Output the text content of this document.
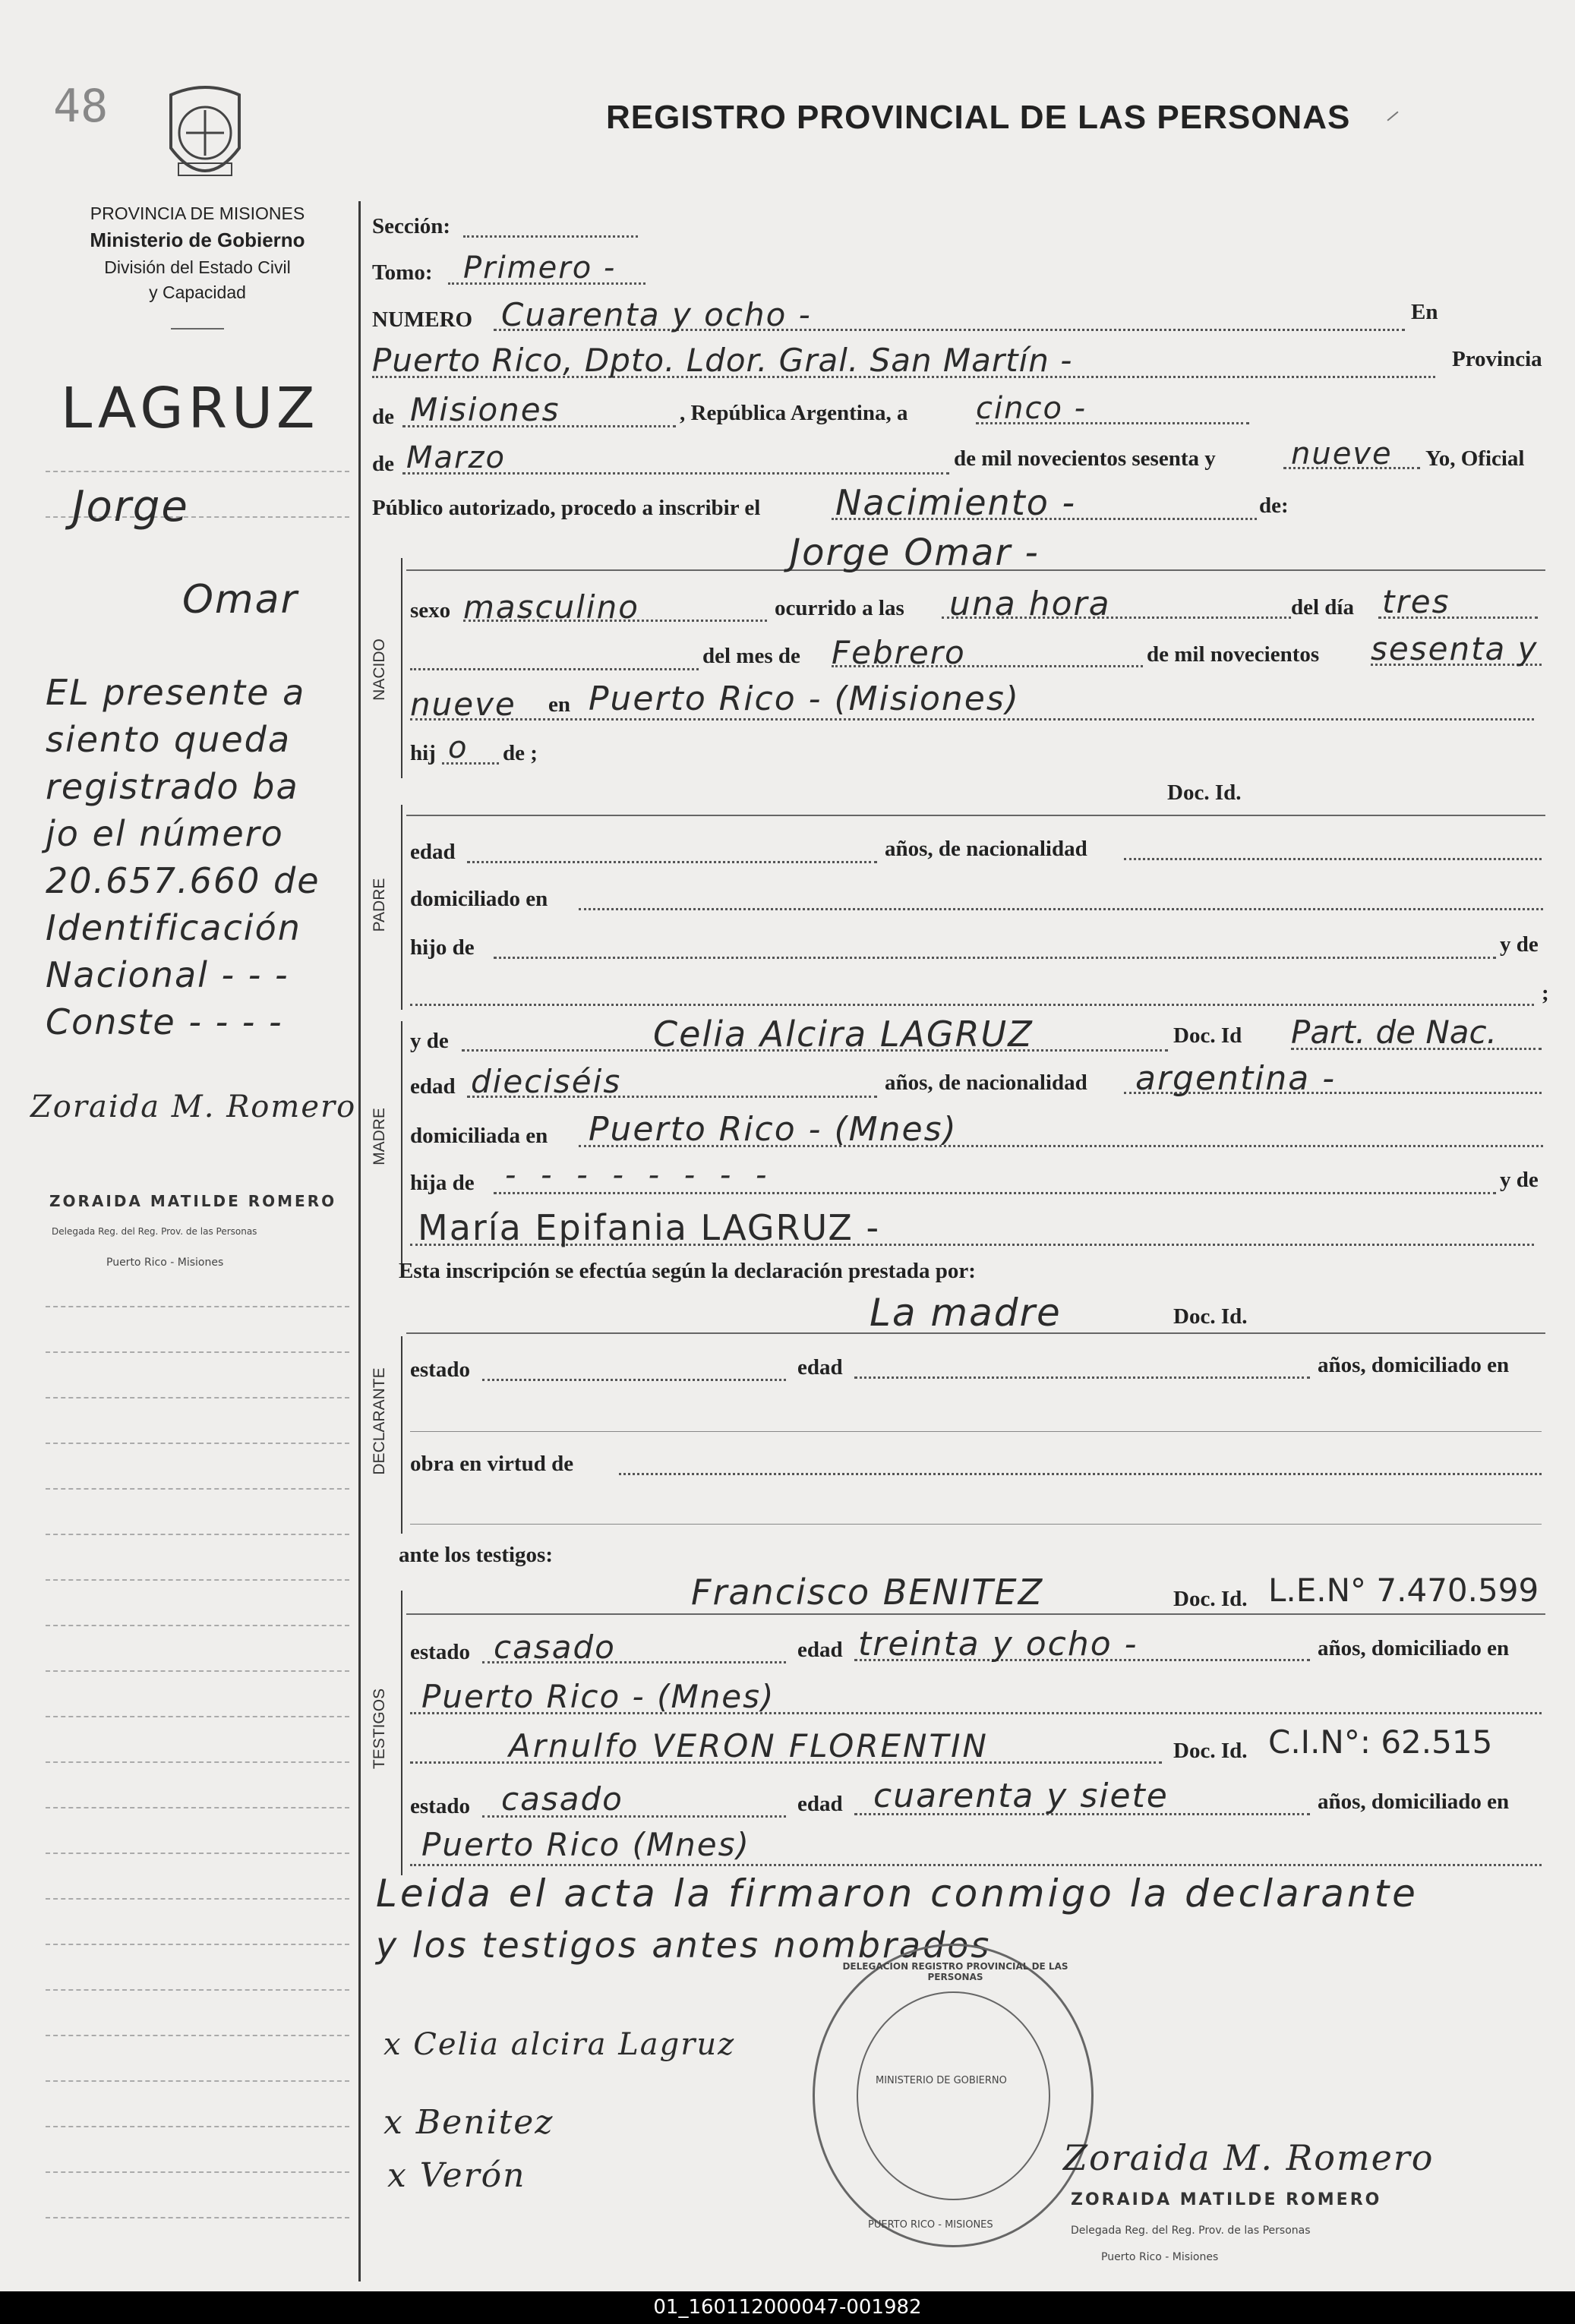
48	REGISTRO PROVINCIAL DE LAS PERSONAS
PROVINCIA DE MISIONES
Ministerio de Gobierno
División del Estado Civil
y Capacidad
LAGRUZ
Jorge
Omar
EL presente a
siento queda
registrado ba
jo el número
20.657.660 de
Identificación
Nacional - - -
Conste - - - -
Zoraida M. Romero
ZORAIDA MATILDE ROMERO
Delegada Reg. del Reg. Prov. de las Personas
Puerto Rico - Misiones
Sección:
Tomo: Primero -
NUMERO Cuarenta y ocho -	En
Puerto Rico, Dpto. Ldor. Gral. San Martín -	Provincia
de Misiones	, República Argentina, a cinco -
de Marzo	de mil novecientos sesenta y nueve Yo, Oficial
Público autorizado, procedo a inscribir el Nacimiento -	de:
NACIDO
PADRE
MADRE
DECLARANTE
TESTIGOS
Jorge Omar -
sexo masculino	ocurrido a las una hora	del día tres
del mes de Febrero	de mil novecientos sesenta y
nueve en Puerto Rico - (Misiones)
hij o de ;
Doc. Id.
edad	años, de nacionalidad
domiciliado en
hijo de	y de
;
y de	Celia Alcira LAGRUZ	Doc. Id Part. de Nac.
edad dieciséis	años, de nacionalidad argentina -
domiciliada en Puerto Rico - (Mnes)
hija de - - - - - - - -	y de
María Epifania LAGRUZ -
Esta inscripción se efectúa según la declaración prestada por:
La madre	Doc. Id.
estado	edad	años, domiciliado en
obra en virtud de
ante los testigos:
Francisco BENITEZ	Doc. Id. L.E.N° 7.470.599
estado casado	edad treinta y ocho -	años, domiciliado en
Puerto Rico - (Mnes)
Arnulfo VERON FLORENTIN	Doc. Id. C.I.N°: 62.515
estado casado	edad cuarenta y siete	años, domiciliado en
Puerto Rico (Mnes)
Leida el acta la firmaron conmigo la declarante
y los testigos antes nombrados
x Celia alcira Lagruz
x Benitez
x Verón
DELEGACION REGISTRO PROVINCIAL DE LAS PERSONAS
MINISTERIO DE GOBIERNO
PUERTO RICO - MISIONES
Zoraida M. Romero
ZORAIDA MATILDE ROMERO
Delegada Reg. del Reg. Prov. de las Personas
Puerto Rico - Misiones
01_160112000047-001982
